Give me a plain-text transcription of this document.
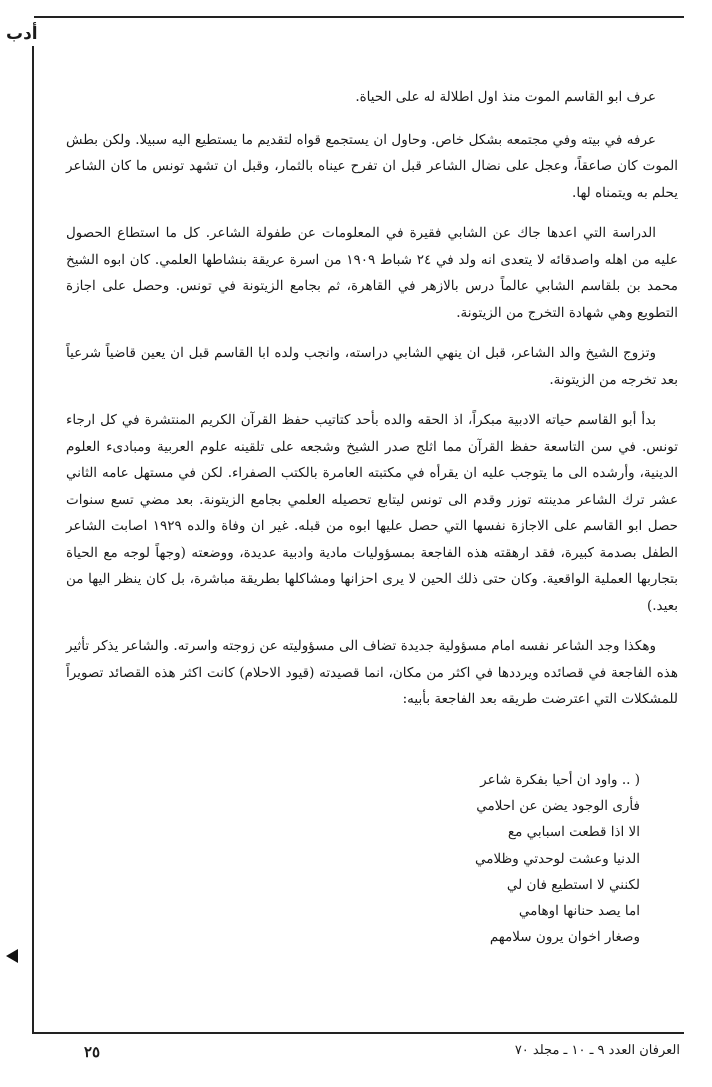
أدب

عرف ابو القاسم الموت منذ اول اطلالة له على الحياة.

عرفه في بيته وفي مجتمعه بشكل خاص. وحاول ان يستجمع قواه لتقديم ما يستطيع اليه سبيلا. ولكن بطش الموت كان صاعقاً، وعجل على نضال الشاعر قبل ان تفرح عيناه بالثمار، وقبل ان تشهد تونس ما كان الشاعر يحلم به ويتمناه لها.

الدراسة التي اعدها جاك عن الشابي فقيرة في المعلومات عن طفولة الشاعر. كل ما استطاع الحصول عليه من اهله واصدقائه لا يتعدى انه ولد في ٢٤ شباط ١٩٠٩ من اسرة عريقة بنشاطها العلمي. كان ابوه الشيخ محمد بن بلقاسم الشابي عالماً درس بالازهر في القاهرة، ثم بجامع الزيتونة في تونس. وحصل على اجازة التطويع وهي شهادة التخرج من الزيتونة.

وتزوج الشيخ والد الشاعر، قبل ان ينهي الشابي دراسته، وانجب ولده ابا القاسم قبل ان يعين قاضياً شرعياً بعد تخرجه من الزيتونة.

بدأ أبو القاسم حياته الادبية مبكراً، اذ الحقه والده بأحد كتاتيب حفظ القرآن الكريم المنتشرة في كل ارجاء تونس. في سن التاسعة حفظ القرآن مما اثلج صدر الشيخ وشجعه على تلقينه علوم العربية ومبادىء العلوم الدينية، وأرشده الى ما يتوجب عليه ان يقرأه في مكتبته العامرة بالكتب الصفراء. لكن في مستهل عامه الثاني عشر ترك الشاعر مدينته توزر وقدم الى تونس ليتابع تحصيله العلمي بجامع الزيتونة. بعد مضي تسع سنوات حصل ابو القاسم على الاجازة نفسها التي حصل عليها ابوه من قبله. غير ان وفاة والده ١٩٢٩ اصابت الشاعر الطفل بصدمة كبيرة، فقد ارهقته هذه الفاجعة بمسؤوليات مادية وادبية عديدة، ووضعته (وجهاً لوجه مع الحياة بتجاربها العملية الواقعية. وكان حتى ذلك الحين لا يرى احزانها ومشاكلها بطريقة مباشرة، بل كان ينظر اليها من بعيد.)

وهكذا وجد الشاعر نفسه امام مسؤولية جديدة تضاف الى مسؤوليته عن زوجته واسرته. والشاعر يذكر تأثير هذه الفاجعة في قصائده ويرددها في اكثر من مكان، انما قصيدته (قيود الاحلام) كانت اكثر هذه القصائد تصويراً للمشكلات التي اعترضت طريقه بعد الفاجعة بأبيه:

( .. واود ان أحيا بفكرة شاعر
فأرى الوجود يضن عن احلامي
الا اذا قطعت اسبابي مع
الدنيا وعشت لوحدتي وظلامي
لكنني لا استطيع فان لي
اما يصد حنانها اوهامي
وصغار اخوان يرون سلامهم
٢٥	العرفان العدد ٩ ـ ١٠ ـ مجلد ٧٠
